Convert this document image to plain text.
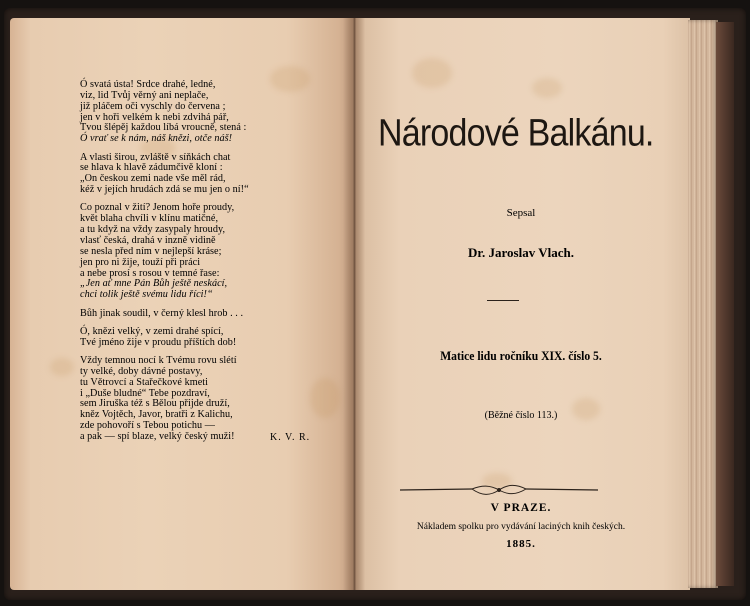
Ó svatá ústa! Srdce drahé, ledné,
viz, lid Tvůj věrný ani neplače,
již pláčem oči vyschly do červena ;
jen v hoři velkém k nebi zdvihá pář,
Tvou šlépěj každou líbá vroucně, stená :
Ó vrať se k nám, náš knězi, otče náš!
A vlasti širou, zvláště v síňkách chat
se hlava k hlavě zádumčivě kloní :
„On českou zemi nade vše měl rád,
kéž v jejích hrudách zdá se mu jen o ní!“
Co poznal v žití? Jenom hoře proudy,
květ blaha chvíli v klínu matičné,
a tu když na vždy zasypaly hroudy,
vlasť česká, drahá v inzně vidině
se nesla před ním v nejlepší kráse;
jen pro ni žije, touží při práci
a nebe prosí s rosou v temné řase:
„Jen ať mne Pán Bůh ještě neskácí,
chci tolik ještě svému lidu říci!“
Bůh jinak soudil, v černý klesl hrob . . .
Ó, knězi velký, v zemi drahé spící,
Tvé jméno žije v proudu příštích dob!
Vždy temnou nocí k Tvému rovu slétí
ty velké, doby dávné postavy,
tu Větrovcí a Stařečkové kmeti
i „Duše bludné“ Tebe pozdraví,
sem Jiruška též s Bělou přijde druží,
kněz Vojtěch, Javor, bratři z Kalichu,
zde pohovoří s Tebou potichu —
a pak — spí blaze, velký český muži!	K. V. R.
Národové Balkánu.
Sepsal
Dr. Jaroslav Vlach.
Matice lidu ročníku XIX. číslo 5.
(Běžné číslo 113.)
V PRAZE.
Nákladem spolku pro vydávání laciných knih českých.
1885.
